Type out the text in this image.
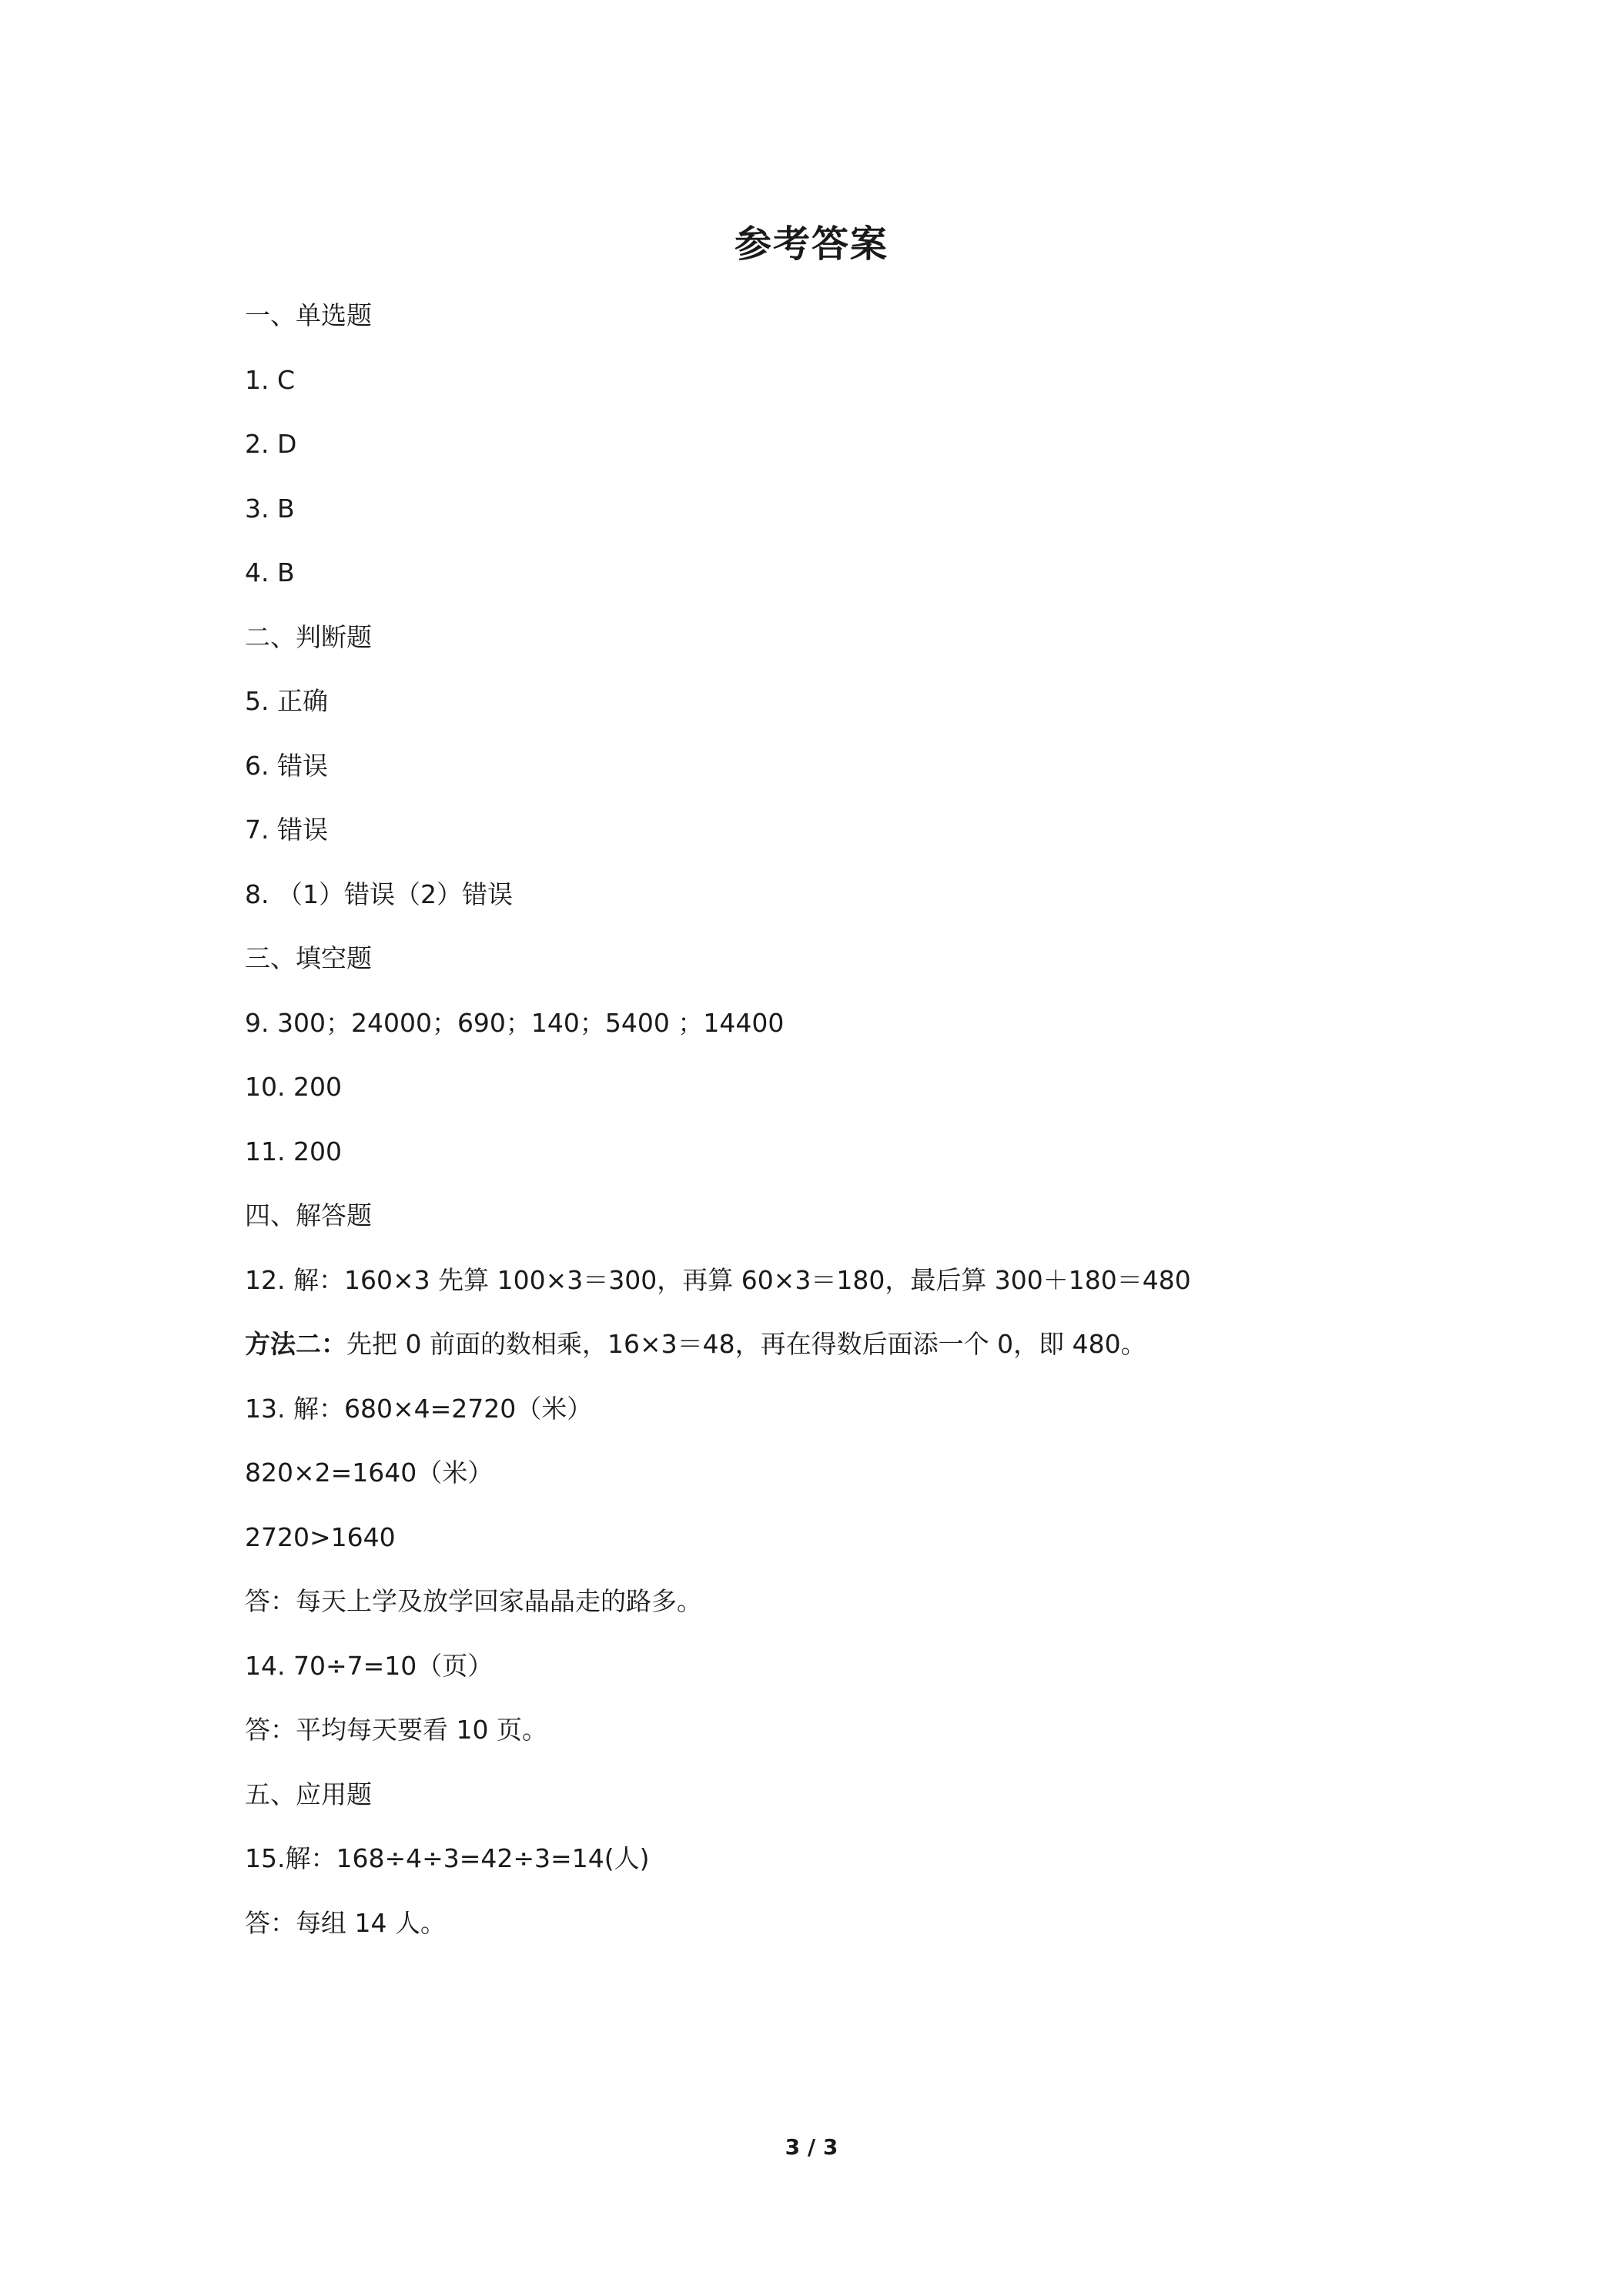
参考答案
一、单选题
1. C
2. D
3. B
4. B
二、判断题
5. 正确
6. 错误
7. 错误
8. （1）错误（2）错误
三、填空题
9. 300；24000；690；140；5400 ；14400
10. 200
11. 200
四、解答题
12. 解：160×3 先算 100×3＝300，再算 60×3＝180，最后算 300＋180＝480
方法二：先把 0 前面的数相乘，16×3＝48，再在得数后面添一个 0，即 480。
13. 解：680×4=2720（米）
820×2=1640（米）
2720>1640
答：每天上学及放学回家晶晶走的路多。
14. 70÷7=10（页）
答：平均每天要看 10 页。
五、应用题
15.解：168÷4÷3=42÷3=14(人)
答：每组 14 人。
3 / 3
